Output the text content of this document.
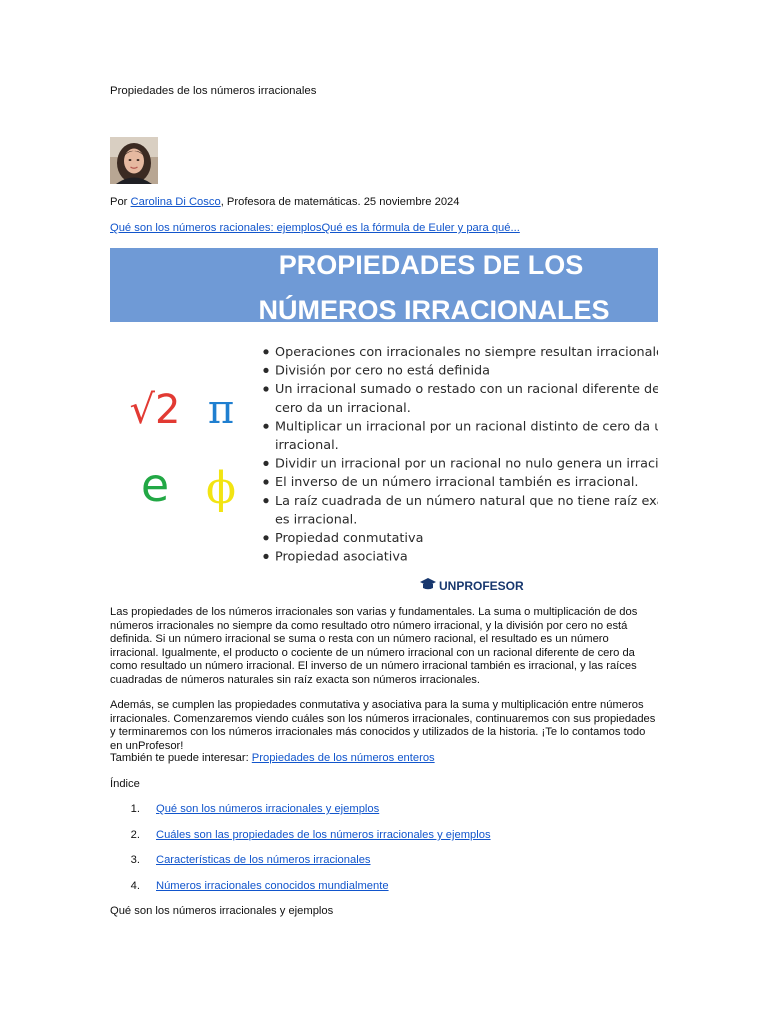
Propiedades de los números irracionales
Por Carolina Di Cosco, Profesora de matemáticas. 25 noviembre 2024
Qué son los números racionales: ejemplosQué es la fórmula de Euler y para qué...
PROPIEDADES DE LOS
NÚMEROS IRRACIONALES
√2 π
e ϕ
Operaciones con irracionales no siempre resultan irracionales.
División por cero no está definida
Un irracional sumado o restado con un racional diferente de
cero da un irracional.
Multiplicar un irracional por un racional distinto de cero da un
irracional.
Dividir un irracional por un racional no nulo genera un irracional.
El inverso de un número irracional también es irracional.
La raíz cuadrada de un número natural que no tiene raíz exacta
es irracional.
Propiedad conmutativa
Propiedad asociativa
UNPROFESOR
Las propiedades de los números irracionales son varias y fundamentales. La suma o multiplicación de dos números irracionales no siempre da como resultado otro número irracional, y la división por cero no está definida. Si un número irracional se suma o resta con un número racional, el resultado es un número irracional. Igualmente, el producto o cociente de un número irracional con un racional diferente de cero da como resultado un número irracional. El inverso de un número irracional también es irracional, y las raíces cuadradas de números naturales sin raíz exacta son números irracionales.
Además, se cumplen las propiedades conmutativa y asociativa para la suma y multiplicación entre números irracionales. Comenzaremos viendo cuáles son los números irracionales, continuaremos con sus propiedades y terminaremos con los números irracionales más conocidos y utilizados de la historia. ¡Te lo contamos todo en unProfesor!
También te puede interesar: Propiedades de los números enteros
Índice
1. Qué son los números irracionales y ejemplos
2. Cuáles son las propiedades de los números irracionales y ejemplos
3. Características de los números irracionales
4. Números irracionales conocidos mundialmente
Qué son los números irracionales y ejemplos
